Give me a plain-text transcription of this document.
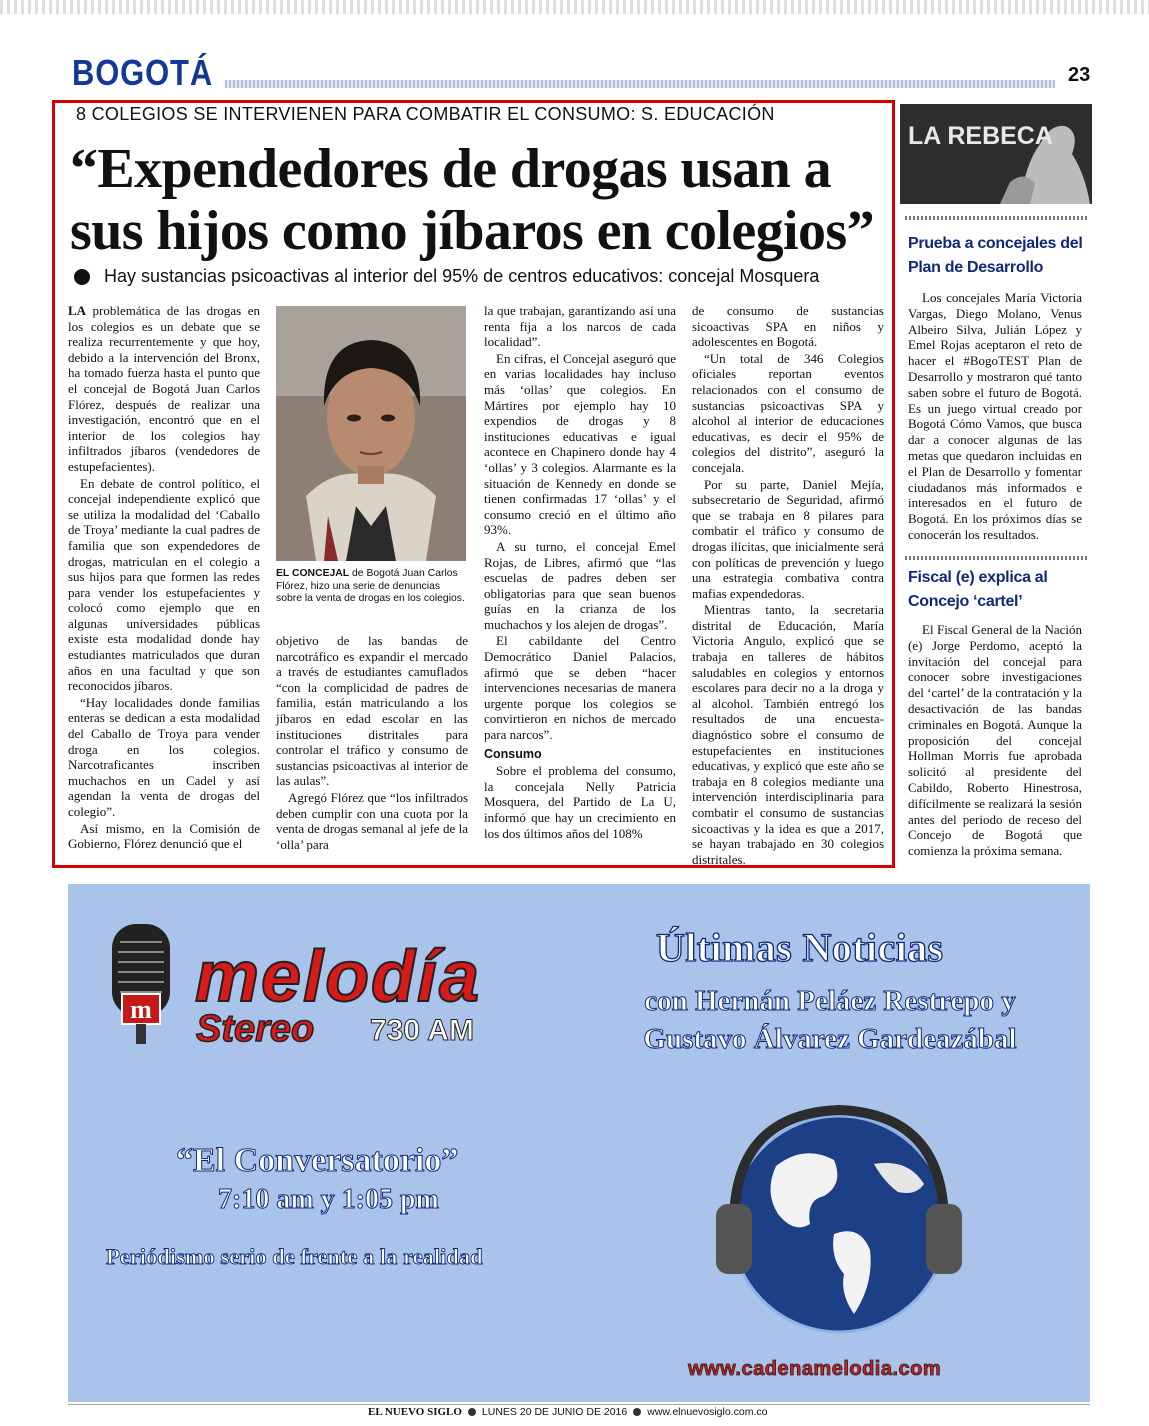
BOGOTÁ	23
8 COLEGIOS SE INTERVIENEN PARA COMBATIR EL CONSUMO: S. EDUCACIÓN
“Expendedores de drogas usan a sus hijos como jíbaros en colegios”
Hay sustancias psicoactivas al interior del 95% de centros educativos: concejal Mosquera

LA problemática de las drogas en los colegios es un debate que se realiza recurrentemente y que hoy, debido a la intervención del Bronx, ha tomado fuerza hasta el punto que el concejal de Bogotá Juan Carlos Flórez, después de realizar una investigación, encontró que en el interior de los colegios hay infiltrados jíbaros (vendedores de estupefacientes).

En debate de control político, el concejal independiente explicó que se utiliza la modalidad del ‘Caballo de Troya’ mediante la cual padres de familia que son expendedores de drogas, matriculan en el colegio a sus hijos para que formen las redes para vender los estupefacientes y colocó como ejemplo que en algunas universidades públicas existe esta modalidad donde hay estudiantes matriculados que duran años en una facultad y que son reconocidos jíbaros.

“Hay localidades donde familias enteras se dedican a esta modalidad del Caballo de Troya para vender droga en los colegios. Narcotraficantes inscriben muchachos en un Cadel y así agendan la venta de drogas del colegio”.

Así mismo, en la Comisión de Gobierno, Flórez denunció que el

EL CONCEJAL de Bogotá Juan Carlos Flórez, hizo una serie de denuncias sobre la venta de drogas en los colegios.

objetivo de las bandas de narcotráfico es expandir el mercado a través de estudiantes camuflados “con la complicidad de padres de familia, están matriculando a los jíbaros en edad escolar en las instituciones distritales para controlar el tráfico y consumo de sustancias psicoactivas al interior de las aulas”.

Agregó Flórez que “los infiltrados deben cumplir con una cuota por la venta de drogas semanal al jefe de la ‘olla’ para

la que trabajan, garantizando así una renta fija a los narcos de cada localidad”.

En cifras, el Concejal aseguró que en varias localidades hay incluso más ‘ollas’ que colegios. En Mártires por ejemplo hay 10 expendios de drogas y 8 instituciones educativas e igual acontece en Chapinero donde hay 4 ‘ollas’ y 3 colegios. Alarmante es la situación de Kennedy en donde se tienen confirmadas 17 ‘ollas’ y el consumo creció en el último año 93%.

A su turno, el concejal Emel Rojas, de Libres, afirmó que “las escuelas de padres deben ser obligatorias para que sean buenos guías en la crianza de los muchachos y los alejen de drogas”.

El cabildante del Centro Democrático Daniel Palacios, afirmó que se deben “hacer intervenciones necesarias de manera urgente porque los colegios se convirtieron en nichos de mercado para narcos”.

Consumo

Sobre el problema del consumo, la concejala Nelly Patricia Mosquera, del Partido de La U, informó que hay un crecimiento en los dos últimos años del 108%

de consumo de sustancias sicoactivas SPA en niños y adolescentes en Bogotá.

“Un total de 346 Colegios oficiales reportan eventos relacionados con el consumo de sustancias psicoactivas SPA y alcohol al interior de educaciones educativas, es decir el 95% de colegios del distrito”, aseguró la concejala.

Por su parte, Daniel Mejía, subsecretario de Seguridad, afirmó que se trabaja en 8 pilares para combatir el tráfico y consumo de drogas ilícitas, que inicialmente será con políticas de prevención y luego una estrategia combativa contra mafias expendedoras.

Mientras tanto, la secretaria distrital de Educación, María Victoria Angulo, explicó que se trabaja en talleres de hábitos saludables en colegios y entornos escolares para decir no a la droga y al alcohol. También entregó los resultados de una encuesta-diagnóstico sobre el consumo de estupefacientes en instituciones educativas, y explicó que este año se trabaja en 8 colegios mediante una intervención interdisciplinaria para combatir el consumo de sustancias sicoactivas y la idea es que a 2017, se hayan trabajado en 30 colegios distritales.

LA REBECA
Prueba a concejales del Plan de Desarrollo

Los concejales María Victoria Vargas, Diego Molano, Venus Albeiro Silva, Julián López y Emel Rojas aceptaron el reto de hacer el #BogoTEST Plan de Desarrollo y mostraron qué tanto saben sobre el futuro de Bogotá. Es un juego virtual creado por Bogotá Cómo Vamos, que busca dar a conocer algunas de las metas que quedaron incluidas en el Plan de Desarrollo y fomentar ciudadanos más informados e interesados en el futuro de Bogotá. En los próximos días se conocerán los resultados.

Fiscal (e) explica al Concejo ‘cartel’

El Fiscal General de la Nación (e) Jorge Perdomo, aceptó la invitación del concejal para conocer sobre investigaciones del ‘cartel’ de la contratación y la desactivación de las bandas criminales en Bogotá. Aunque la proposición del concejal Hollman Morris fue aprobada solicitó al presidente del Cabildo, Roberto Hinestrosa, difícilmente se realizará la sesión antes del periodo de receso del Concejo de Bogotá que comienza la próxima semana.

m melodía
Stereo 730 AM
Últimas Noticias
con Hernán Peláez Restrepo y
Gustavo Álvarez Gardeazábal
“El Conversatorio”
7:10 am y 1:05 pm
Periódismo serio de frente a la realidad
www.cadenamelodia.com
EL NUEVO SIGLO LUNES 20 DE JUNIO DE 2016 www.elnuevosiglo.com.co
